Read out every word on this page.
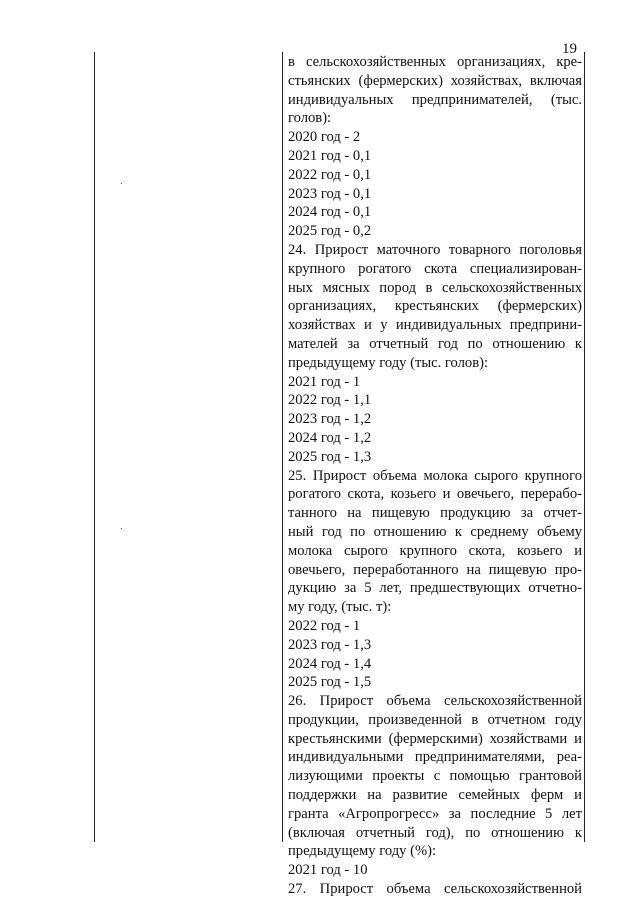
19
в сельскохозяйственных организациях, кре-
стьянских (фермерских) хозяйствах, включая
индивидуальных предпринимателей, (тыс.
голов):
2020 год - 2
2021 год - 0,1
2022 год - 0,1
2023 год - 0,1
2024 год - 0,1
2025 год - 0,2
24. Прирост маточного товарного поголовья
крупного рогатого скота специализирован-
ных мясных пород в сельскохозяйственных
организациях, крестьянских (фермерских)
хозяйствах и у индивидуальных предприни-
мателей за отчетный год по отношению к
предыдущему году (тыс. голов):
2021 год - 1
2022 год - 1,1
2023 год - 1,2
2024 год - 1,2
2025 год - 1,3
25. Прирост объема молока сырого крупного
рогатого скота, козьего и овечьего, перерабо-
танного на пищевую продукцию за отчет-
ный год по отношению к среднему объему
молока сырого крупного скота, козьего и
овечьего, переработанного на пищевую про-
дукцию за 5 лет, предшествующих отчетно-
му году, (тыс. т):
2022 год - 1
2023 год - 1,3
2024 год - 1,4
2025 год - 1,5
26. Прирост объема сельскохозяйственной
продукции, произведенной в отчетном году
крестьянскими (фермерскими) хозяйствами и
индивидуальными предпринимателями, реа-
лизующими проекты с помощью грантовой
поддержки на развитие семейных ферм и
гранта «Агропрогресс» за последние 5 лет
(включая отчетный год), по отношению к
предыдущему году (%):
2021 год - 10
27. Прирост объема сельскохозяйственной
